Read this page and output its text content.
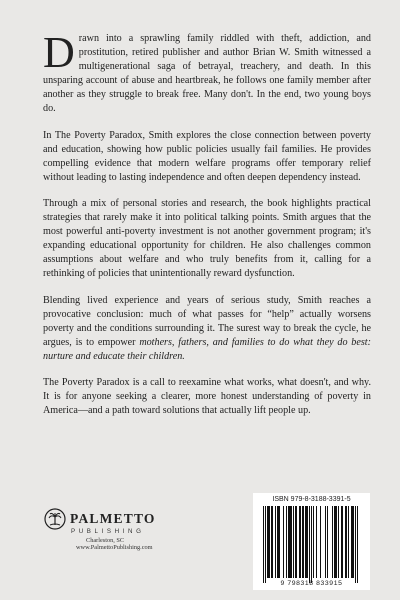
Drawn into a sprawling family riddled with theft, addiction, and prostitution, retired publisher and author Brian W. Smith witnessed a multigenerational saga of betrayal, treachery, and death. In this unsparing account of abuse and heartbreak, he follows one family member after another as they struggle to break free. Many don't. In the end, two young boys do.

In The Poverty Paradox, Smith explores the close connection between poverty and education, showing how public policies usually fail families. He provides compelling evidence that modern welfare programs offer temporary relief without leading to lasting independence and often deepen dependency instead.

Through a mix of personal stories and research, the book highlights practical strategies that rarely make it into political talking points. Smith argues that the most powerful anti-poverty investment is not another government program; it's expanding educational opportunity for children. He also challenges common assumptions about welfare and who truly benefits from it, calling for a rethinking of policies that unintentionally reward dysfunction.

Blending lived experience and years of serious study, Smith reaches a provocative conclusion: much of what passes for “help” actually worsens poverty and the conditions surrounding it. The surest way to break the cycle, he argues, is to empower mothers, fathers, and families to do what they do best: nurture and educate their children.

The Poverty Paradox is a call to reexamine what works, what doesn't, and why. It is for anyone seeking a clearer, more honest understanding of poverty in America—and a path toward solutions that actually lift people up.

PALMETTO
PUBLISHING
Charleston, SC
www.PalmettoPublishing.com
ISBN 979-8-3188-3391-5
9 798318 833915
